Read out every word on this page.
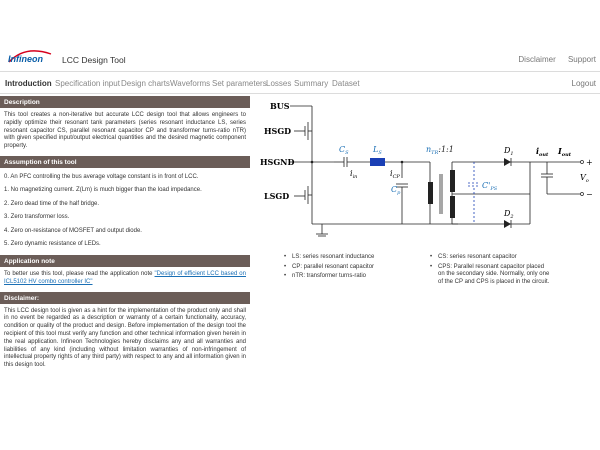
Infineon LCC Design Tool	Disclaimer Support
Introduction Specification input Design charts Waveforms Set parameters Losses Summary Dataset	Logout
Description
This tool creates a non-iterative but accurate LCC design tool that allows engineers to rapidly optimize their resonant tank parameters (series resonant inductance LS, series resonant capacitor CS, parallel resonant capacitor CP and transformer turns-ratio nTR) with given specified input/output electrical quantities and the desired magnetic component property.
Assumption of this tool

0. An PFC controlling the bus average voltage constant is in front of LCC.

1. No magnetizing current. Z(Lm) is much bigger than the load impedance.

2. Zero dead time of the half bridge.

3. Zero transformer loss.

4. Zero on-resistance of MOSFET and output diode.

5. Zero dynamic resistance of LEDs.

Application note
To better use this tool, please read the application note "Design of efficient LCC based on ICL5102 HV combo controller IC"
Disclaimer:
This LCC design tool is given as a hint for the implementation of the product only and shall in no event be regarded as a description or warranty of a certain functionality, accuracy, condition or quality of the product and design. Before implementation of the design tool the recipient of this tool must verify any function and other technical information given herein in the real application. Infineon Technologies hereby disclaims any and all warranties and liabilities of any kind (including without limitation warranties of non-infringement of intellectual property rights of any third party) with respect to any and all information given in this design tool.
BUS
HSGD
HSGND
LSGD
$C_S$	$L_S$	$n_{TR}:1:1$
$i_{in}$	$i_{CP}$
$C_p$
$C'_{PS}$
$D_1$
$D_2$
$i_{out}$ $I_{out}$
+
−
$V_o$
• LS: series resonant inductance
• CP: parallel resonant capacitor
• nTR: transformer turns-ratio
• CS: series resonant capacitor
• CPS: Parallel resonant capacitor placed on the secondary side. Normally, only one of the CP and CPS is placed in the circuit.
